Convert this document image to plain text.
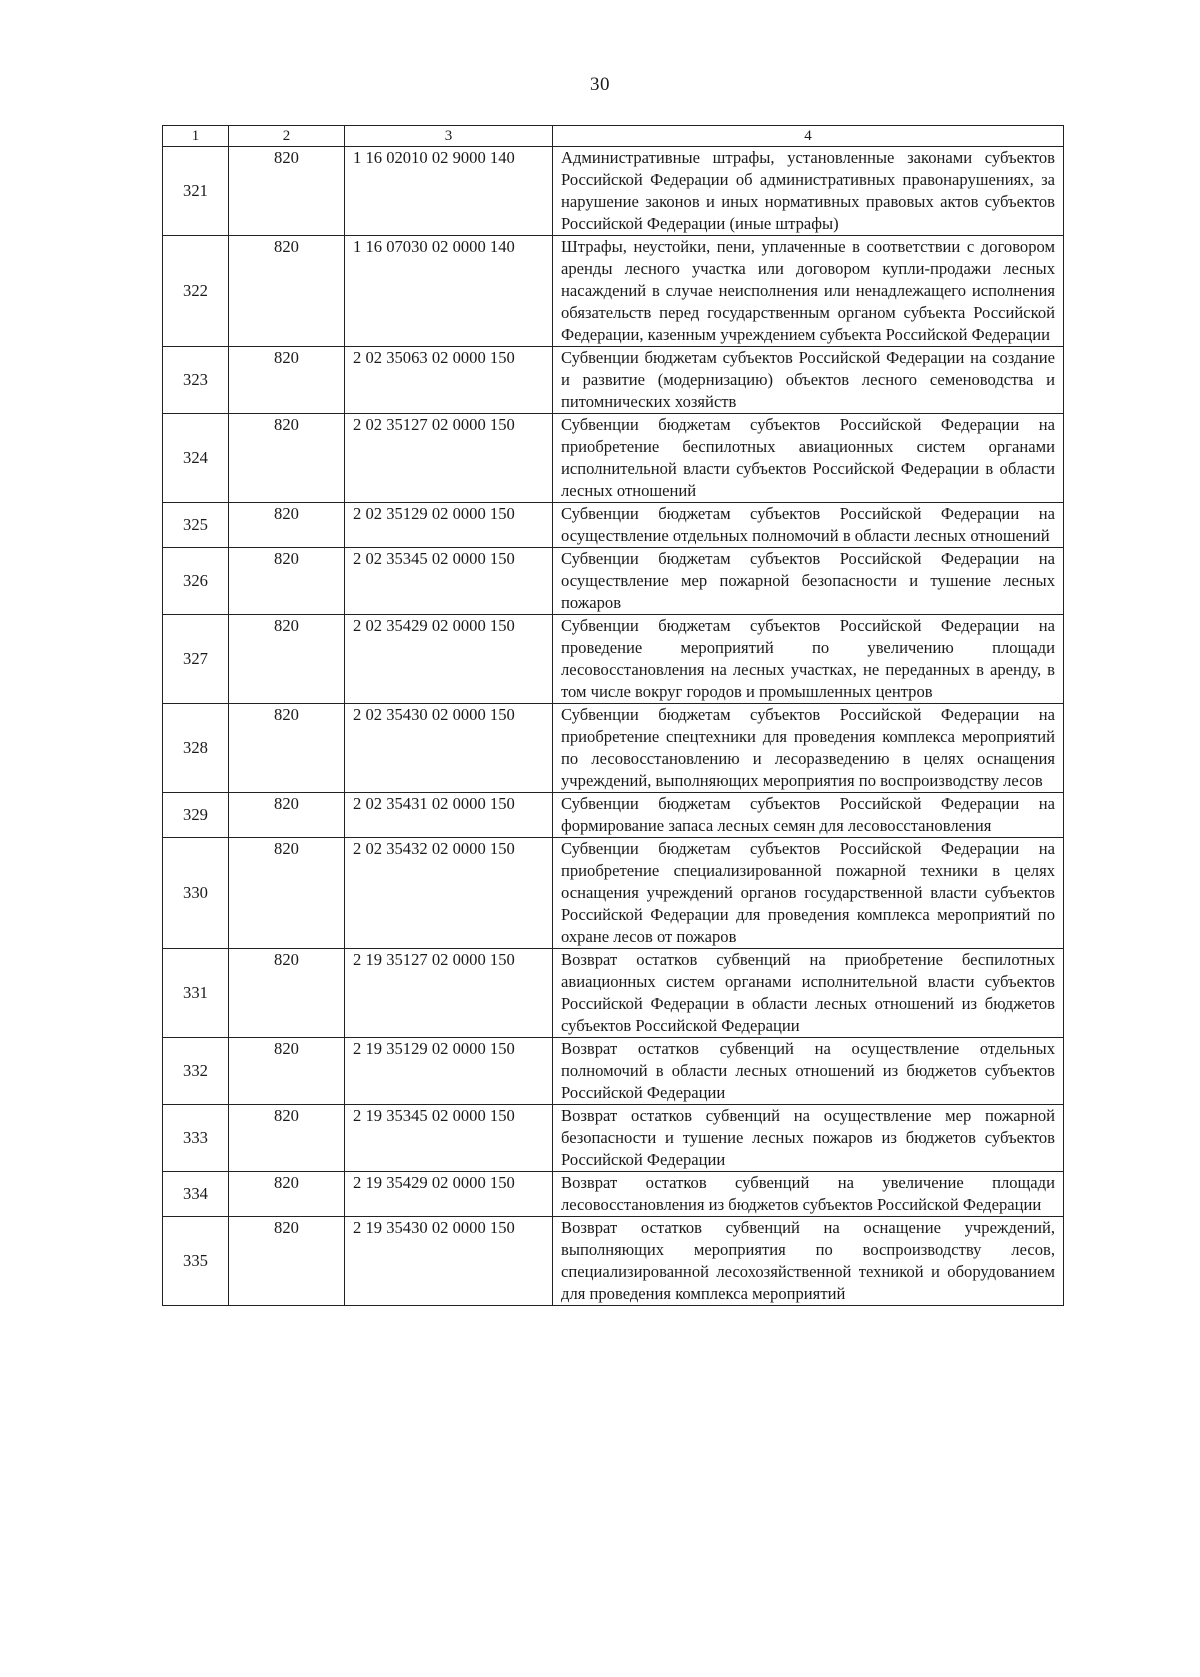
30
1	2	3	4
321	820	1 16 02010 02 9000 140	Административные штрафы, установленные законами субъектов Российской Федерации об административных правонарушениях, за нарушение законов и иных нормативных правовых актов субъектов Российской Федерации (иные штрафы)
322	820	1 16 07030 02 0000 140	Штрафы, неустойки, пени, уплаченные в соответствии с договором аренды лесного участка или договором купли-продажи лесных насаждений в случае неисполнения или ненадлежащего исполнения обязательств перед государственным органом субъекта Российской Федерации, казенным учреждением субъекта Российской Федерации
323	820	2 02 35063 02 0000 150	Субвенции бюджетам субъектов Российской Федерации на создание и развитие (модернизацию) объектов лесного семеноводства и питомнических хозяйств
324	820	2 02 35127 02 0000 150	Субвенции бюджетам субъектов Российской Федерации на приобретение беспилотных авиационных систем органами исполнительной власти субъектов Российской Федерации в области лесных отношений
325	820	2 02 35129 02 0000 150	Субвенции бюджетам субъектов Российской Федерации на осуществление отдельных полномочий в области лесных отношений
326	820	2 02 35345 02 0000 150	Субвенции бюджетам субъектов Российской Федерации на осуществление мер пожарной безопасности и тушение лесных пожаров
327	820	2 02 35429 02 0000 150	Субвенции бюджетам субъектов Российской Федерации на проведение мероприятий по увеличению площади лесовосстановления на лесных участках, не переданных в аренду, в том числе вокруг городов и промышленных центров
328	820	2 02 35430 02 0000 150	Субвенции бюджетам субъектов Российской Федерации на приобретение спецтехники для проведения комплекса мероприятий по лесовосстановлению и лесоразведению в целях оснащения учреждений, выполняющих мероприятия по воспроизводству лесов
329	820	2 02 35431 02 0000 150	Субвенции бюджетам субъектов Российской Федерации на формирование запаса лесных семян для лесовосстановления
330	820	2 02 35432 02 0000 150	Субвенции бюджетам субъектов Российской Федерации на приобретение специализированной пожарной техники в целях оснащения учреждений органов государственной власти субъектов Российской Федерации для проведения комплекса мероприятий по охране лесов от пожаров
331	820	2 19 35127 02 0000 150	Возврат остатков субвенций на приобретение беспилотных авиационных систем органами исполнительной власти субъектов Российской Федерации в области лесных отношений из бюджетов субъектов Российской Федерации
332	820	2 19 35129 02 0000 150	Возврат остатков субвенций на осуществление отдельных полномочий в области лесных отношений из бюджетов субъектов Российской Федерации
333	820	2 19 35345 02 0000 150	Возврат остатков субвенций на осуществление мер пожарной безопасности и тушение лесных пожаров из бюджетов субъектов Российской Федерации
334	820	2 19 35429 02 0000 150	Возврат остатков субвенций на увеличение площади лесовосстановления из бюджетов субъектов Российской Федерации
335	820	2 19 35430 02 0000 150	Возврат остатков субвенций на оснащение учреждений, выполняющих мероприятия по воспроизводству лесов, специализированной лесохозяйственной техникой и оборудованием для проведения комплекса мероприятий
